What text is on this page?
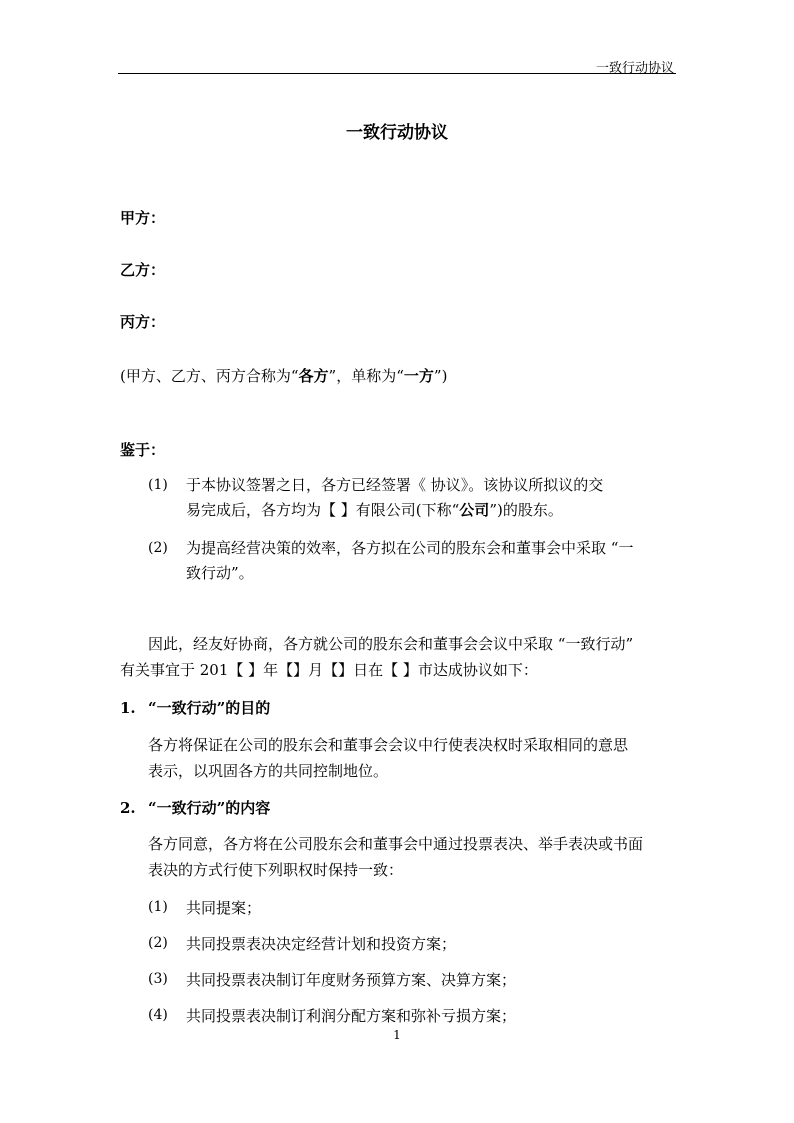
一致行动协议
一致行动协议
甲方：
乙方：
丙方：
(甲方、乙方、丙方合称为“各方”，单称为“一方”)
鉴于：
(1) 于本协议签署之日，各方已经签署《 协议》。该协议所拟议的交
易完成后，各方均为【 】有限公司(下称“公司”)的股东。
(2) 为提高经营决策的效率，各方拟在公司的股东会和董事会中采取 “一
致行动”。
因此，经友好协商，各方就公司的股东会和董事会会议中采取 “一致行动”
有关事宜于 201【 】年【】月【】日在【 】市达成协议如下：
1. “一致行动”的目的
各方将保证在公司的股东会和董事会会议中行使表决权时采取相同的意思
表示，以巩固各方的共同控制地位。
2. “一致行动”的内容
各方同意，各方将在公司股东会和董事会中通过投票表决、举手表决或书面
表决的方式行使下列职权时保持一致：
(1) 共同提案；
(2) 共同投票表决决定经营计划和投资方案；
(3) 共同投票表决制订年度财务预算方案、决算方案；
(4) 共同投票表决制订利润分配方案和弥补亏损方案；
1
